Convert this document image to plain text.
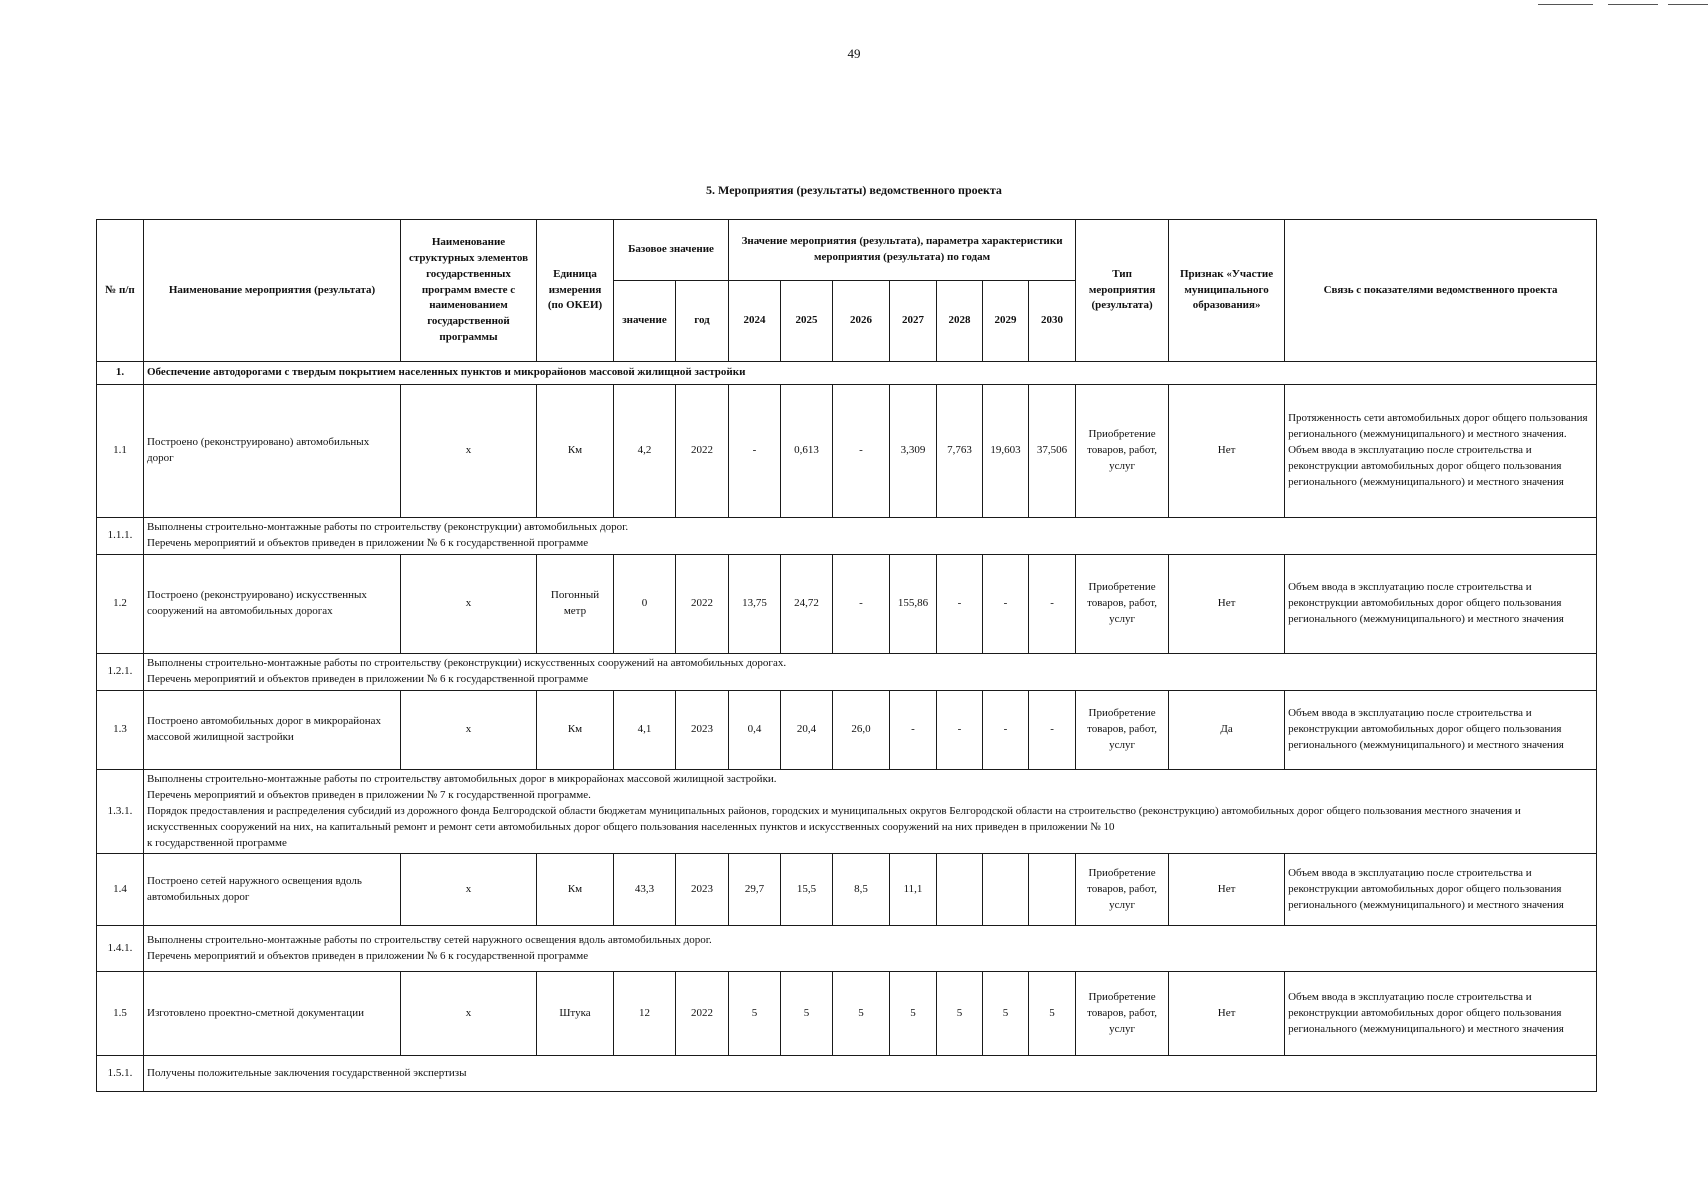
49
5. Мероприятия (результаты) ведомственного проекта
№ п/п	Наименование мероприятия (результата)	Наименование структурных элементов государственных программ вместе с наименованием государственной программы	Единица измерения (по ОКЕИ)	Базовое значение		Значение мероприятия (результата), параметра характеристики мероприятия (результата) по годам							Тип мероприятия (результата)	Признак «Участие муниципального образования»	Связь с показателями ведомственного проекта
				значение	год	2024	2025	2026	2027	2028	2029	2030			
1.	Обеспечение автодорогами с твердым покрытием населенных пунктов и микрорайонов массовой жилищной застройки														
1.1	Построено (реконструировано) автомобильных дорог	х	Км	4,2	2022	-	0,613	-	3,309	7,763	19,603	37,506	Приобретение товаров, работ, услуг	Нет	Протяженность сети автомобильных дорог общего пользования регионального (межмуниципального) и местного значения. Объем ввода в эксплуатацию после строительства и реконструкции автомобильных дорог общего пользования регионального (межмуниципального) и местного значения
1.1.1.	Выполнены строительно-монтажные работы по строительству (реконструкции) автомобильных дорог.
Перечень мероприятий и объектов приведен в приложении № 6 к государственной программе														

1.2	Построено (реконструировано) искусственных сооружений на автомобильных дорогах	х	Погонный метр	0	2022	13,75	24,72	-	155,86	-	-	-	Приобретение товаров, работ, услуг	Нет	Объем ввода в эксплуатацию после строительства и реконструкции автомобильных дорог общего пользования регионального (межмуниципального) и местного значения
1.2.1.	Выполнены строительно-монтажные работы по строительству (реконструкции) искусственных сооружений на автомобильных дорогах.
Перечень мероприятий и объектов приведен в приложении № 6 к государственной программе														

1.3	Построено автомобильных дорог в микрорайонах массовой жилищной застройки	х	Км	4,1	2023	0,4	20,4	26,0	-	-	-	-	Приобретение товаров, работ, услуг	Да	Объем ввода в эксплуатацию после строительства и реконструкции автомобильных дорог общего пользования регионального (межмуниципального) и местного значения
1.3.1.	Выполнены строительно-монтажные работы по строительству автомобильных дорог в микрорайонах массовой жилищной застройки.
Перечень мероприятий и объектов приведен в приложении № 7 к государственной программе.
Порядок предоставления и распределения субсидий из дорожного фонда Белгородской области бюджетам муниципальных районов, городских и муниципальных округов Белгородской области на строительство (реконструкцию) автомобильных дорог общего пользования местного значения и искусственных сооружений на них, на капитальный ремонт и ремонт сети автомобильных дорог общего пользования населенных пунктов и искусственных сооружений на них приведен в приложении № 10
к государственной программе														

1.4	Построено сетей наружного освещения вдоль автомобильных дорог	х	Км	43,3	2023	29,7	15,5	8,5	11,1				Приобретение товаров, работ, услуг	Нет	Объем ввода в эксплуатацию после строительства и реконструкции автомобильных дорог общего пользования регионального (межмуниципального) и местного значения
1.4.1.	Выполнены строительно-монтажные работы по строительству сетей наружного освещения вдоль автомобильных дорог.
Перечень мероприятий и объектов приведен в приложении № 6 к государственной программе														

1.5	Изготовлено проектно-сметной документации	х	Штука	12	2022	5	5	5	5	5	5	5	Приобретение товаров, работ, услуг	Нет	Объем ввода в эксплуатацию после строительства и реконструкции автомобильных дорог общего пользования регионального (межмуниципального) и местного значения
1.5.1.	Получены положительные заключения государственной экспертизы														
